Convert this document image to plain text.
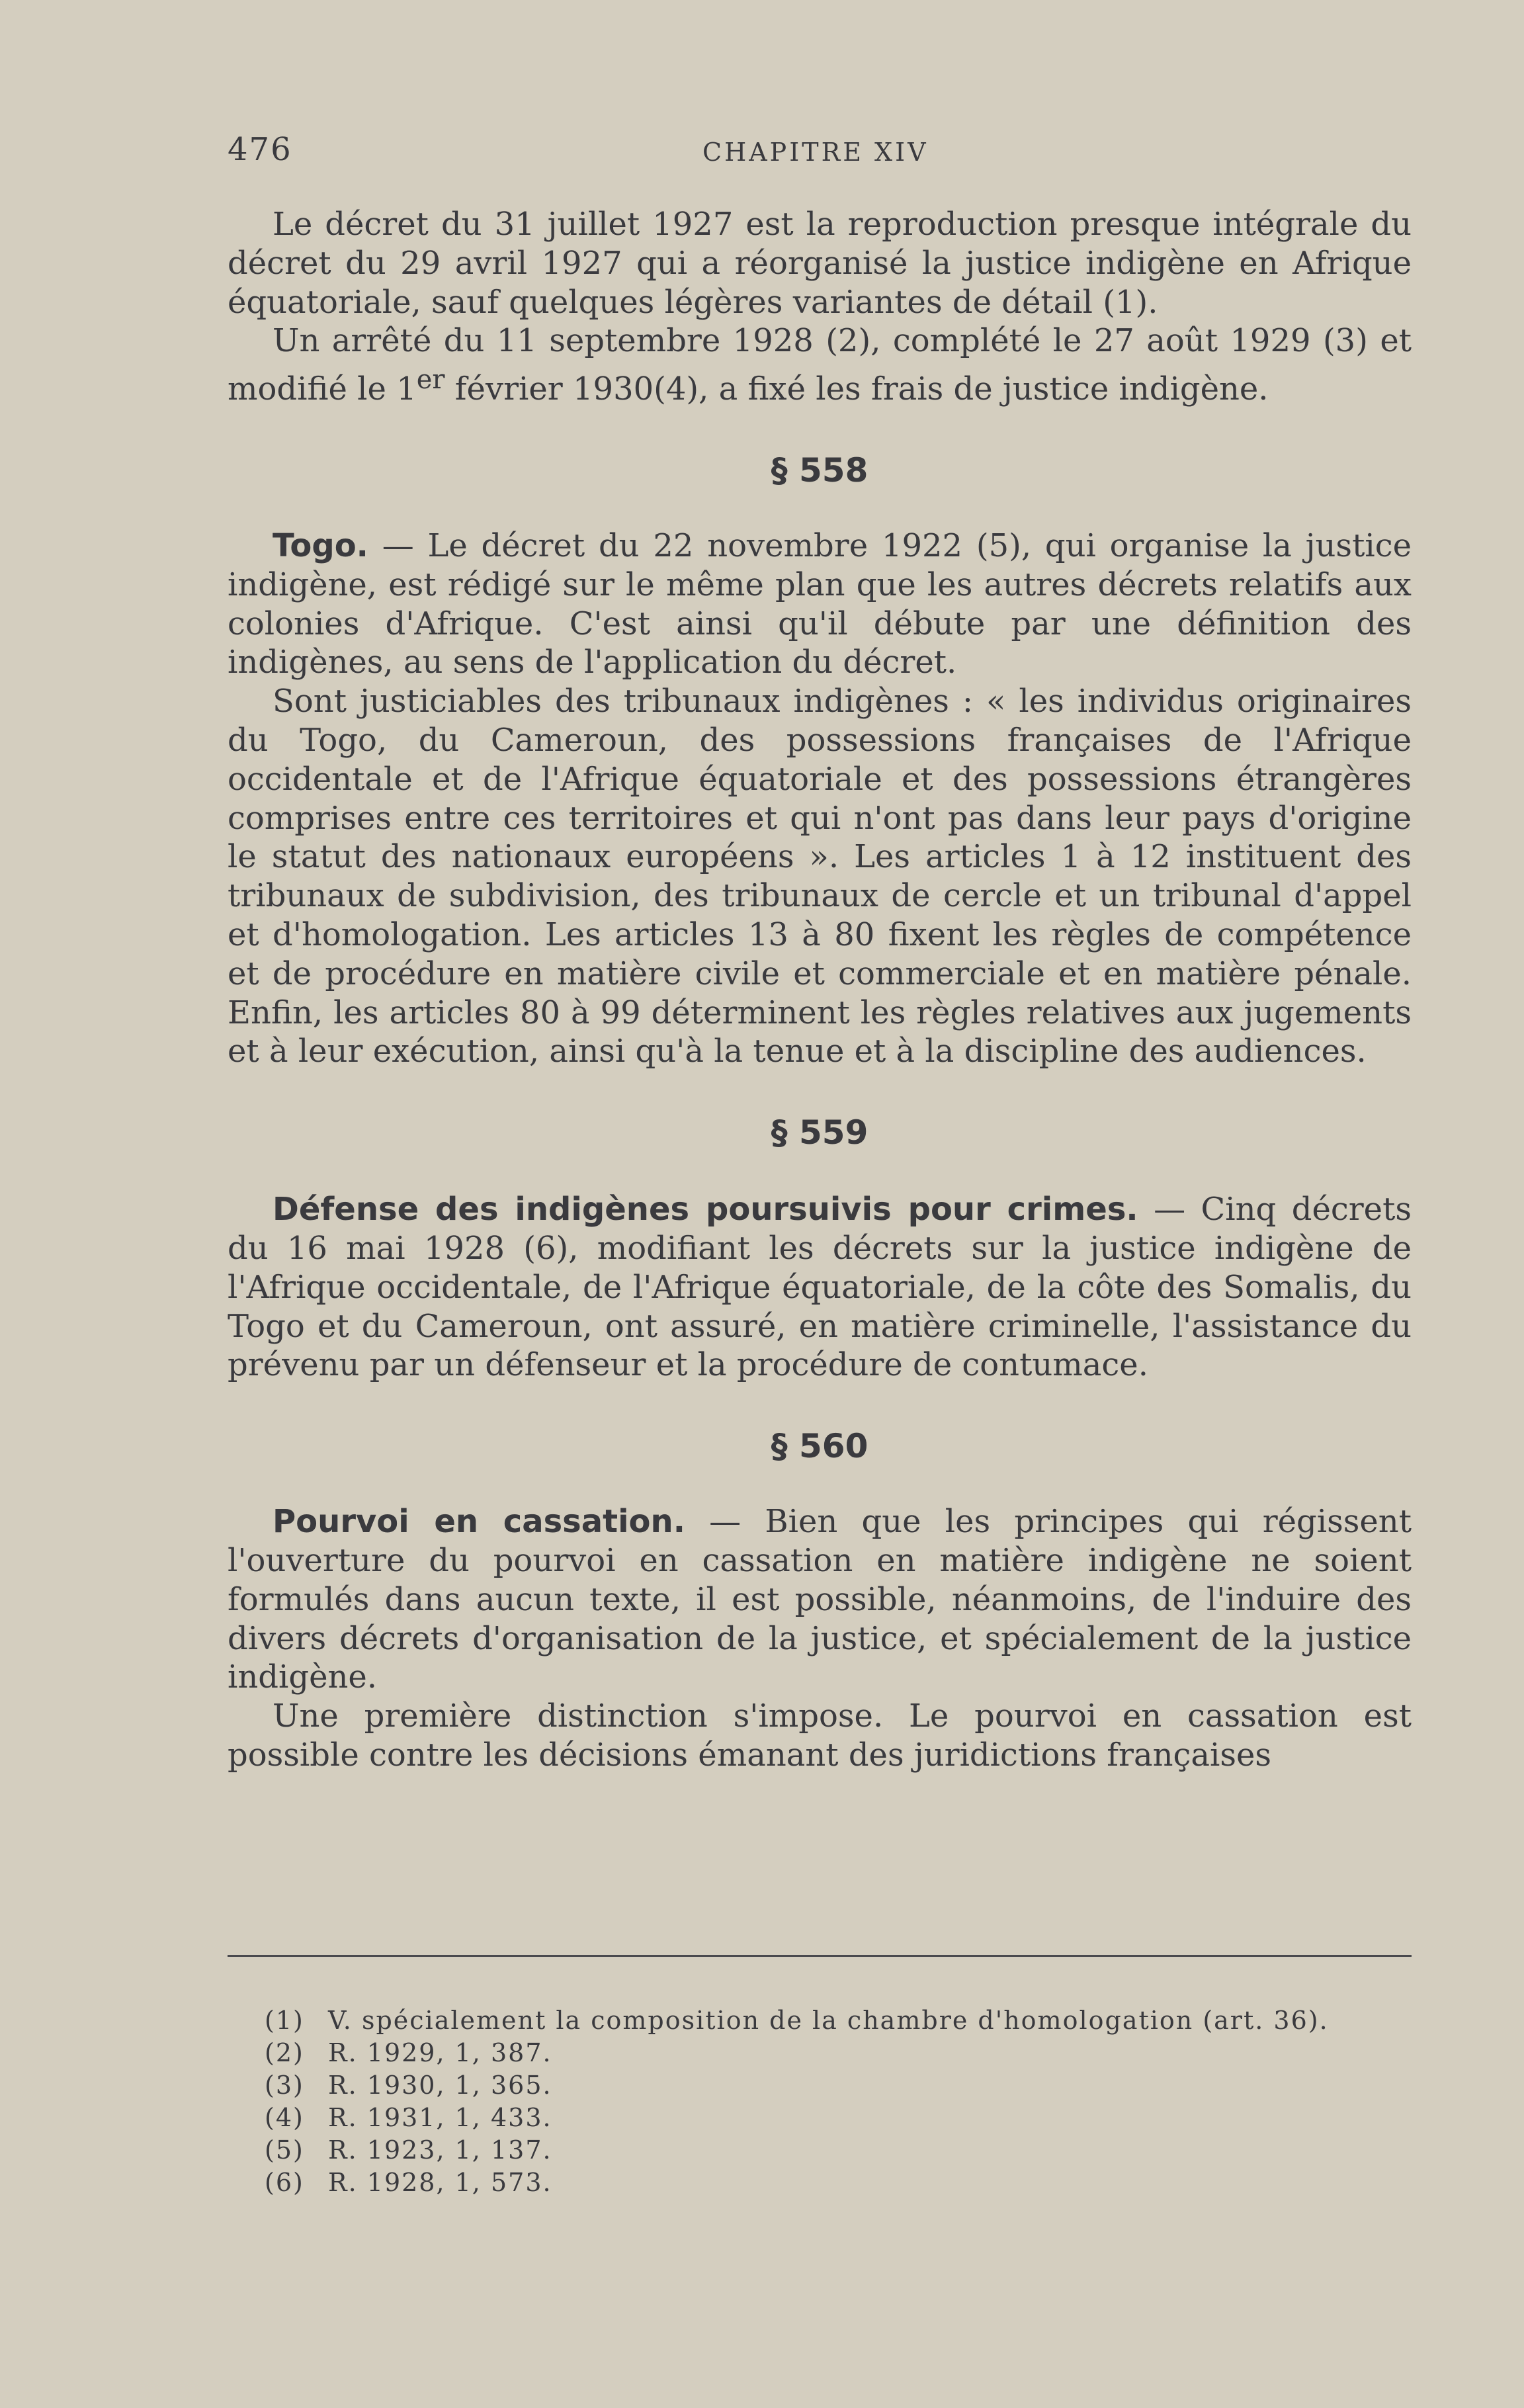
476	CHAPITRE XIV

Le décret du 31 juillet 1927 est la reproduction presque intégrale du décret du 29 avril 1927 qui a réorganisé la justice indigène en Afrique équatoriale, sauf quelques légères variantes de détail (1).

Un arrêté du 11 septembre 1928 (2), complété le 27 août 1929 (3) et modifié le 1er février 1930(4), a fixé les frais de justice indigène.

§ 558

Togo. — Le décret du 22 novembre 1922 (5), qui organise la justice indigène, est rédigé sur le même plan que les autres décrets relatifs aux colonies d'Afrique. C'est ainsi qu'il débute par une définition des indigènes, au sens de l'application du décret.

Sont justiciables des tribunaux indigènes : « les individus originaires du Togo, du Cameroun, des possessions françaises de l'Afrique occidentale et de l'Afrique équatoriale et des possessions étrangères comprises entre ces territoires et qui n'ont pas dans leur pays d'origine le statut des nationaux européens ». Les articles 1 à 12 instituent des tribunaux de subdivision, des tribunaux de cercle et un tribunal d'appel et d'homologation. Les articles 13 à 80 fixent les règles de compétence et de procédure en matière civile et commerciale et en matière pénale. Enfin, les articles 80 à 99 déterminent les règles relatives aux jugements et à leur exécution, ainsi qu'à la tenue et à la discipline des audiences.

§ 559

Défense des indigènes poursuivis pour crimes. — Cinq décrets du 16 mai 1928 (6), modifiant les décrets sur la justice indigène de l'Afrique occidentale, de l'Afrique équatoriale, de la côte des Somalis, du Togo et du Cameroun, ont assuré, en matière criminelle, l'assistance du prévenu par un défenseur et la procédure de contumace.

§ 560

Pourvoi en cassation. — Bien que les principes qui régissent l'ouverture du pourvoi en cassation en matière indigène ne soient formulés dans aucun texte, il est possible, néanmoins, de l'induire des divers décrets d'organisation de la justice, et spécialement de la justice indigène.

Une première distinction s'impose. Le pourvoi en cassation est possible contre les décisions émanant des juridictions françaises

(1) V. spécialement la composition de la chambre d'homologation (art. 36).
(2) R. 1929, 1, 387.
(3) R. 1930, 1, 365.
(4) R. 1931, 1, 433.
(5) R. 1923, 1, 137.
(6) R. 1928, 1, 573.
